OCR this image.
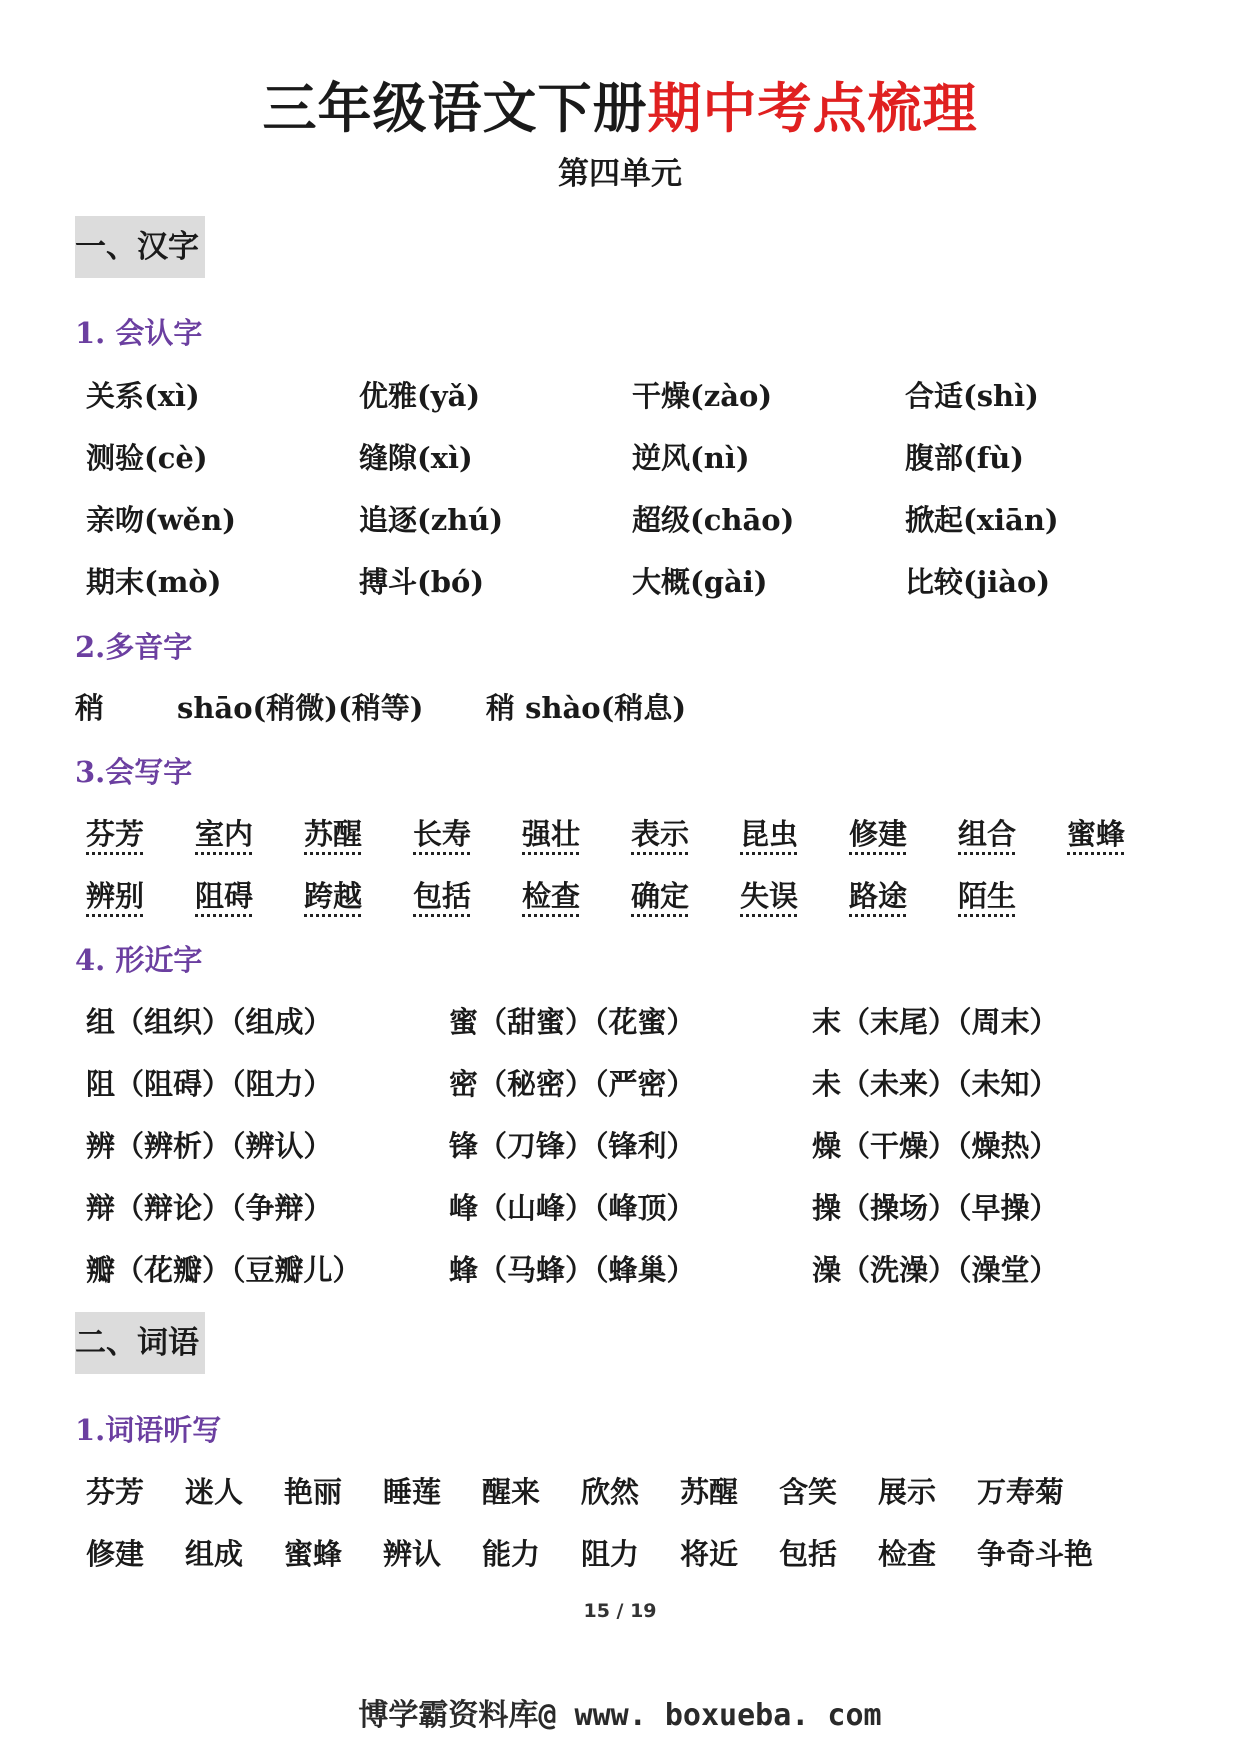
三年级语文下册期中考点梳理
第四单元
一、汉字
1. 会认字
关系(xì)	优雅(yǎ)	干燥(zào)	合适(shì)
测验(cè)	缝隙(xì)	逆风(nì)	腹部(fù)
亲吻(wěn)	追逐(zhú)	超级(chāo)	掀起(xiān)
期末(mò)	搏斗(bó)	大概(gài)	比较(jiào)
2.多音字
稍	shāo(稍微)(稍等) 稍 shào(稍息)
3.会写字
芬芳 室内 苏醒 长寿 强壮 表示 昆虫 修建 组合 蜜蜂
辨别 阻碍 跨越 包括 检查 确定 失误 路途 陌生
4. 形近字
组（组织）（组成）	蜜（甜蜜）（花蜜）	末（末尾）（周末）
阻（阻碍）（阻力）	密（秘密）（严密）	未（未来）（未知）
辨（辨析）（辨认）	锋（刀锋）（锋利）	燥（干燥）（燥热）
辩（辩论）（争辩）	峰（山峰）（峰顶）	操（操场）（早操）
瓣（花瓣）（豆瓣儿）	蜂（马蜂）（蜂巢）	澡（洗澡）（澡堂）
二、词语
1.词语听写
芬芳 迷人 艳丽 睡莲 醒来 欣然 苏醒 含笑 展示 万寿菊
修建 组成 蜜蜂 辨认 能力 阻力 将近 包括 检查 争奇斗艳
15 / 19
博学霸资料库@ www. boxueba. com
